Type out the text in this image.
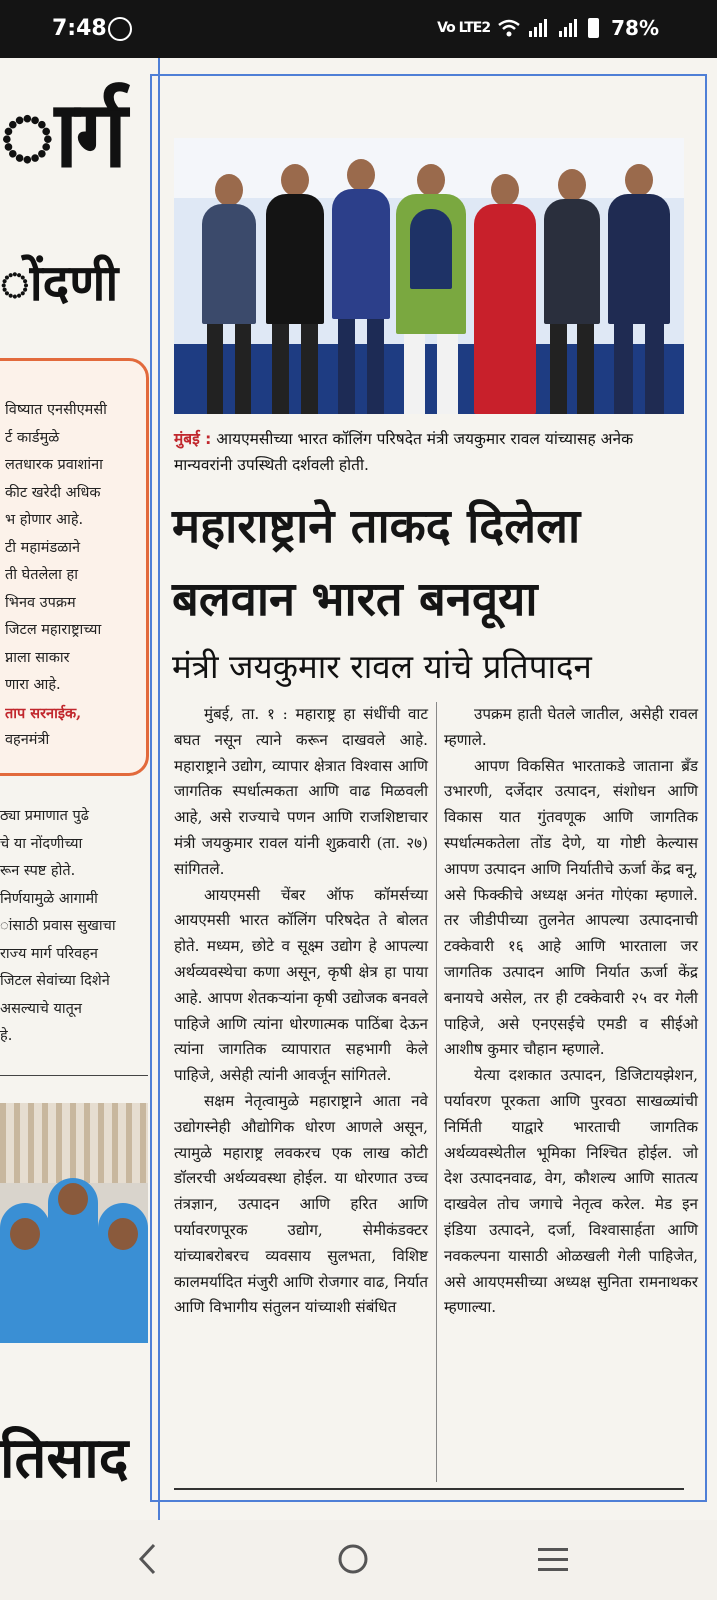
7:48	Vo LTE2	78%
ार्ग
ोंदणी
विष्यात एनसीएमसी
र्ट कार्डमुळे
लतधारक प्रवाशांना
कीट खरेदी अधिक
भ होणार आहे.
टी महामंडळाने
ती घेतलेला हा
भिनव उपक्रम
जिटल महाराष्ट्राच्या
प्नाला साकार
णारा आहे.
ताप सरनाईक,
वहनमंत्री
ठ्या प्रमाणात पुढे
चे या नोंदणीच्या
रून स्पष्ट होते.
निर्णयामुळे आगामी
ांसाठी प्रवास सुखाचा
राज्य मार्ग परिवहन
जिटल सेवांच्या दिशेने
असल्याचे यातून
हे.
तिसाद
मुंबई : आयएमसीच्या भारत कॉलिंग परिषदेत मंत्री जयकुमार रावल यांच्यासह अनेक मान्यवरांनी उपस्थिती दर्शवली होती.
महाराष्ट्राने ताकद दिलेला
बलवान भारत बनवूया
मंत्री जयकुमार रावल यांचे प्रतिपादन

मुंबई, ता. १ : महाराष्ट्र हा संधींची वाट बघत नसून त्याने करून दाखवले आहे. महाराष्ट्राने उद्योग, व्यापार क्षेत्रात विश्वास आणि जागतिक स्पर्धात्मकता आणि वाढ मिळवली आहे, असे राज्याचे पणन आणि राजशिष्टाचार मंत्री जयकुमार रावल यांनी शुक्रवारी (ता. २७) सांगितले.

आयएमसी चेंबर ऑफ कॉमर्सच्या आयएमसी भारत कॉलिंग परिषदेत ते बोलत होते. मध्यम, छोटे व सूक्ष्म उद्योग हे आपल्या अर्थव्यवस्थेचा कणा असून, कृषी क्षेत्र हा पाया आहे. आपण शेतकऱ्यांना कृषी उद्योजक बनवले पाहिजे आणि त्यांना धोरणात्मक पाठिंबा देऊन त्यांना जागतिक व्यापारात सहभागी केले पाहिजे, असेही त्यांनी आवर्जून सांगितले.

सक्षम नेतृत्वामुळे महाराष्ट्राने आता नवे उद्योगस्नेही औद्योगिक धोरण आणले असून, त्यामुळे महाराष्ट्र लवकरच एक लाख कोटी डॉलरची अर्थव्यवस्था होईल. या धोरणात उच्च तंत्रज्ञान, उत्पादन आणि हरित आणि पर्यावरणपूरक उद्योग, सेमीकंडक्टर यांच्याबरोबरच व्यवसाय सुलभता, विशिष्ट कालमर्यादित मंजुरी आणि रोजगार वाढ, निर्यात आणि विभागीय संतुलन यांच्याशी संबंधित

उपक्रम हाती घेतले जातील, असेही रावल म्हणाले.

आपण विकसित भारताकडे जाताना ब्रँड उभारणी, दर्जेदार उत्पादन, संशोधन आणि विकास यात गुंतवणूक आणि जागतिक स्पर्धात्मकतेला तोंड देणे, या गोष्टी केल्यास आपण उत्पादन आणि निर्यातीचे ऊर्जा केंद्र बनू, असे फिक्कीचे अध्यक्ष अनंत गोएंका म्हणाले. तर जीडीपीच्या तुलनेत आपल्या उत्पादनाची टक्केवारी १६ आहे आणि भारताला जर जागतिक उत्पादन आणि निर्यात ऊर्जा केंद्र बनायचे असेल, तर ही टक्केवारी २५ वर गेली पाहिजे, असे एनएसईचे एमडी व सीईओ आशीष कुमार चौहान म्हणाले.

येत्या दशकात उत्पादन, डिजिटायझेशन, पर्यावरण पूरकता आणि पुरवठा साखळ्यांची निर्मिती याद्वारे भारताची जागतिक अर्थव्यवस्थेतील भूमिका निश्चित होईल. जो देश उत्पादनवाढ, वेग, कौशल्य आणि सातत्य दाखवेल तोच जगाचे नेतृत्व करेल. मेड इन इंडिया उत्पादने, दर्जा, विश्वासार्हता आणि नवकल्पना यासाठी ओळखली गेली पाहिजेत, असे आयएमसीच्या अध्यक्ष सुनिता रामनाथकर म्हणाल्या.
